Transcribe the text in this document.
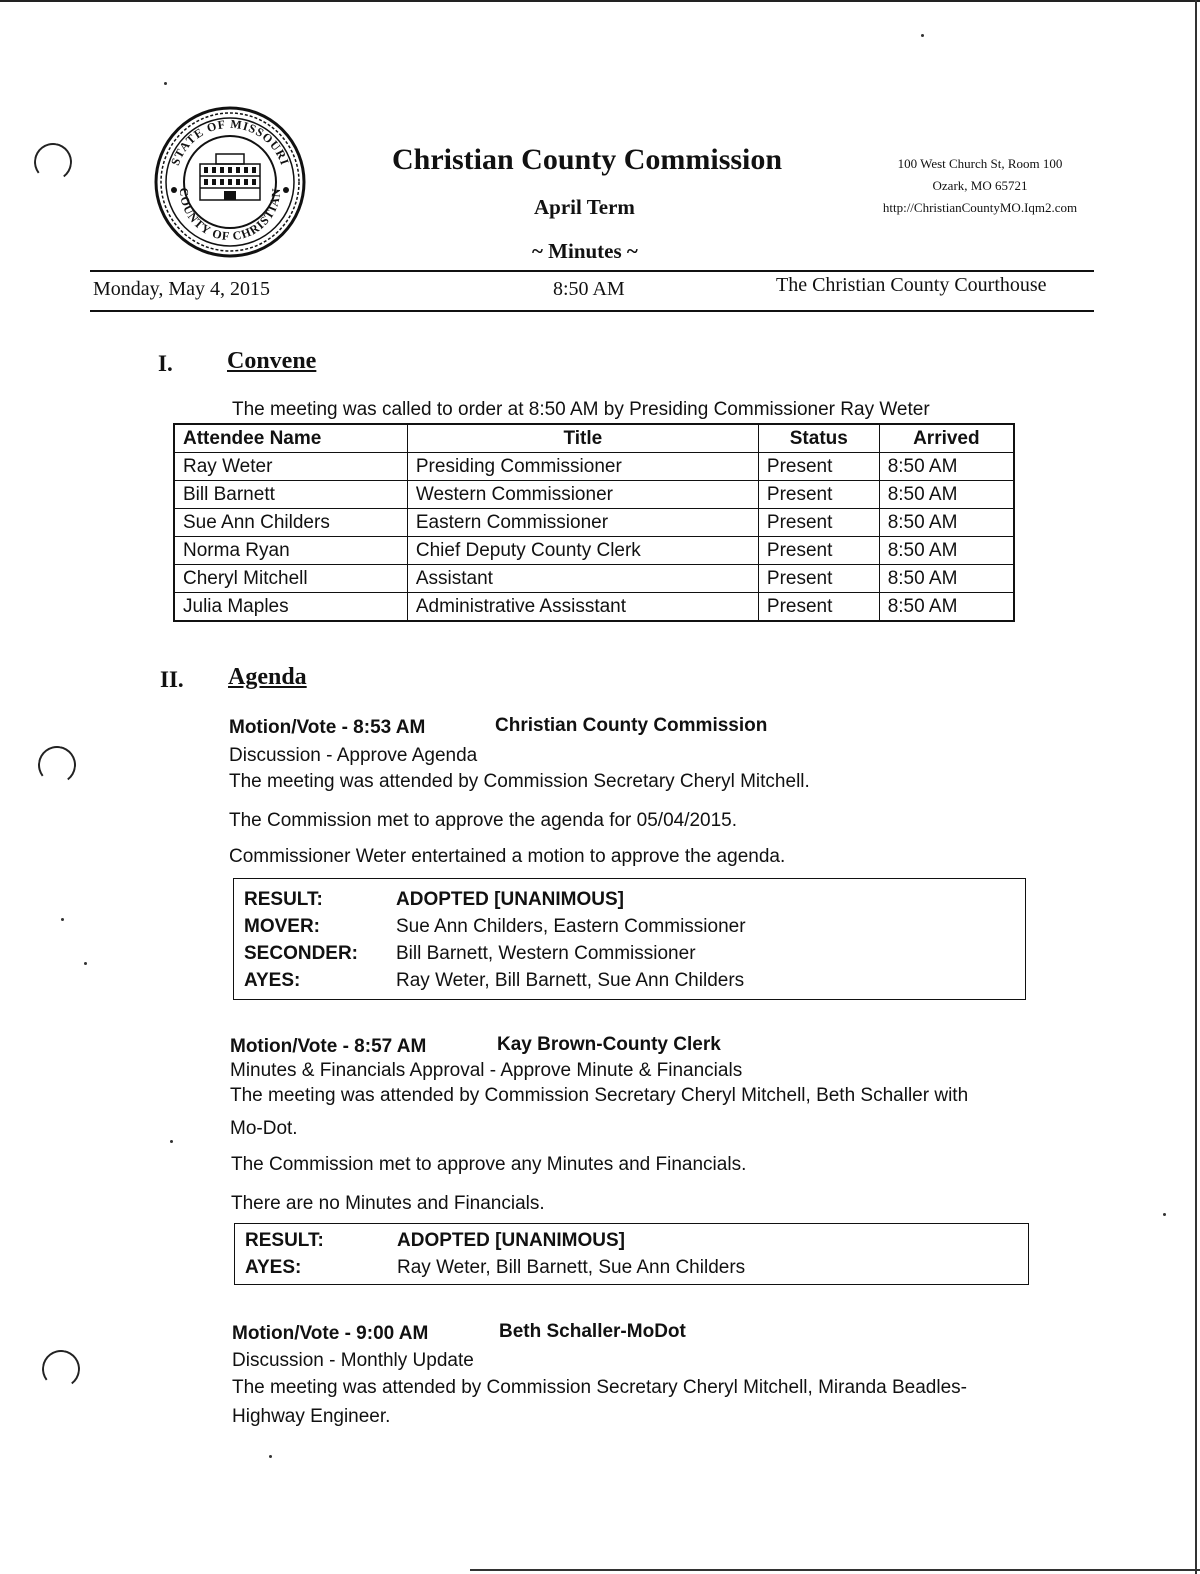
STATE OF MISSOURI
COUNTY OF CHRISTIAN
Christian County Commission
April Term
~ Minutes ~
100 West Church St, Room 100
Ozark, MO 65721
http://ChristianCountyMO.Iqm2.com
Monday, May 4, 2015	8:50 AM	The Christian County Courthouse
I. Convene
The meeting was called to order at 8:50 AM by Presiding Commissioner Ray Weter
Attendee Name	Title	Status	Arrived
Ray Weter	Presiding Commissioner	Present	8:50 AM
Bill Barnett	Western Commissioner	Present	8:50 AM
Sue Ann Childers	Eastern Commissioner	Present	8:50 AM
Norma Ryan	Chief Deputy County Clerk	Present	8:50 AM
Cheryl Mitchell	Assistant	Present	8:50 AM
Julia Maples	Administrative Assisstant	Present	8:50 AM
II. Agenda
Motion/Vote - 8:53 AM	Christian County Commission
Discussion - Approve Agenda
The meeting was attended by Commission Secretary Cheryl Mitchell.
The Commission met to approve the agenda for 05/04/2015.
Commissioner Weter entertained a motion to approve the agenda.
RESULT:	ADOPTED [UNANIMOUS]
MOVER:	Sue Ann Childers, Eastern Commissioner
SECONDER:	Bill Barnett, Western Commissioner
AYES:	Ray Weter, Bill Barnett, Sue Ann Childers
Motion/Vote - 8:57 AM	Kay Brown-County Clerk
Minutes & Financials Approval - Approve Minute & Financials
The meeting was attended by Commission Secretary Cheryl Mitchell, Beth Schaller with
Mo-Dot.
The Commission met to approve any Minutes and Financials.
There are no Minutes and Financials.
RESULT:	ADOPTED [UNANIMOUS]
AYES:	Ray Weter, Bill Barnett, Sue Ann Childers
Motion/Vote - 9:00 AM	Beth Schaller-MoDot
Discussion - Monthly Update
The meeting was attended by Commission Secretary Cheryl Mitchell, Miranda Beadles-
Highway Engineer.
